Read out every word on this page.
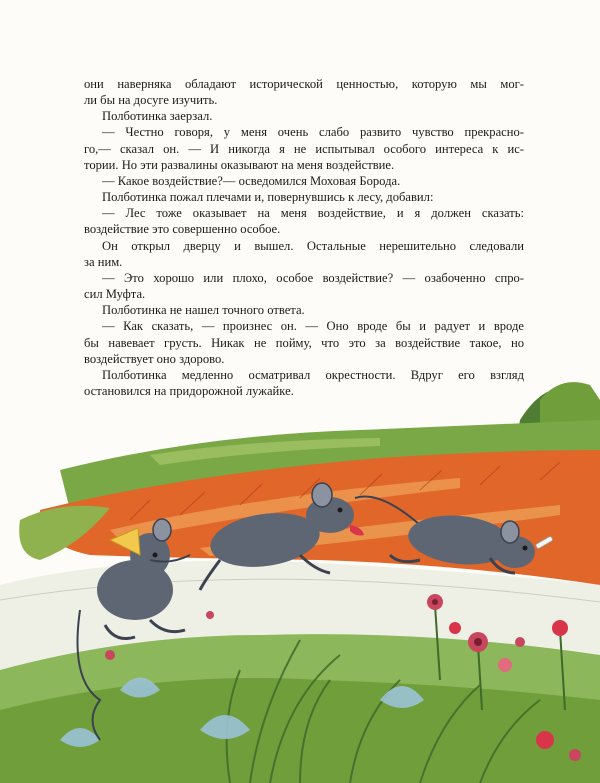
они наверняка обладают исторической ценностью, которую мы мог-
ли бы на досуге изучить.
Полботинка заерзал.
— Честно говоря, у меня очень слабо развито чувство прекрасно-
го,— сказал он. — И никогда я не испытывал особого интереса к ис-
тории. Но эти развалины оказывают на меня воздействие.
— Какое воздействие?— осведомился Моховая Борода.
Полботинка пожал плечами и, повернувшись к лесу, добавил:
— Лес тоже оказывает на меня воздействие, и я должен сказать:
воздействие это совершенно особое.
Он открыл дверцу и вышел. Остальные нерешительно следовали
за ним.
— Это хорошо или плохо, особое воздействие? — озабоченно спро-
сил Муфта.
Полботинка не нашел точного ответа.
— Как сказать, — произнес он. — Оно вроде бы и радует и вроде
бы навевает грусть. Никак не пойму, что это за воздействие такое, но
воздействует оно здорово.
Полботинка медленно осматривал окрестности. Вдруг его взгляд
остановился на придорожной лужайке.
